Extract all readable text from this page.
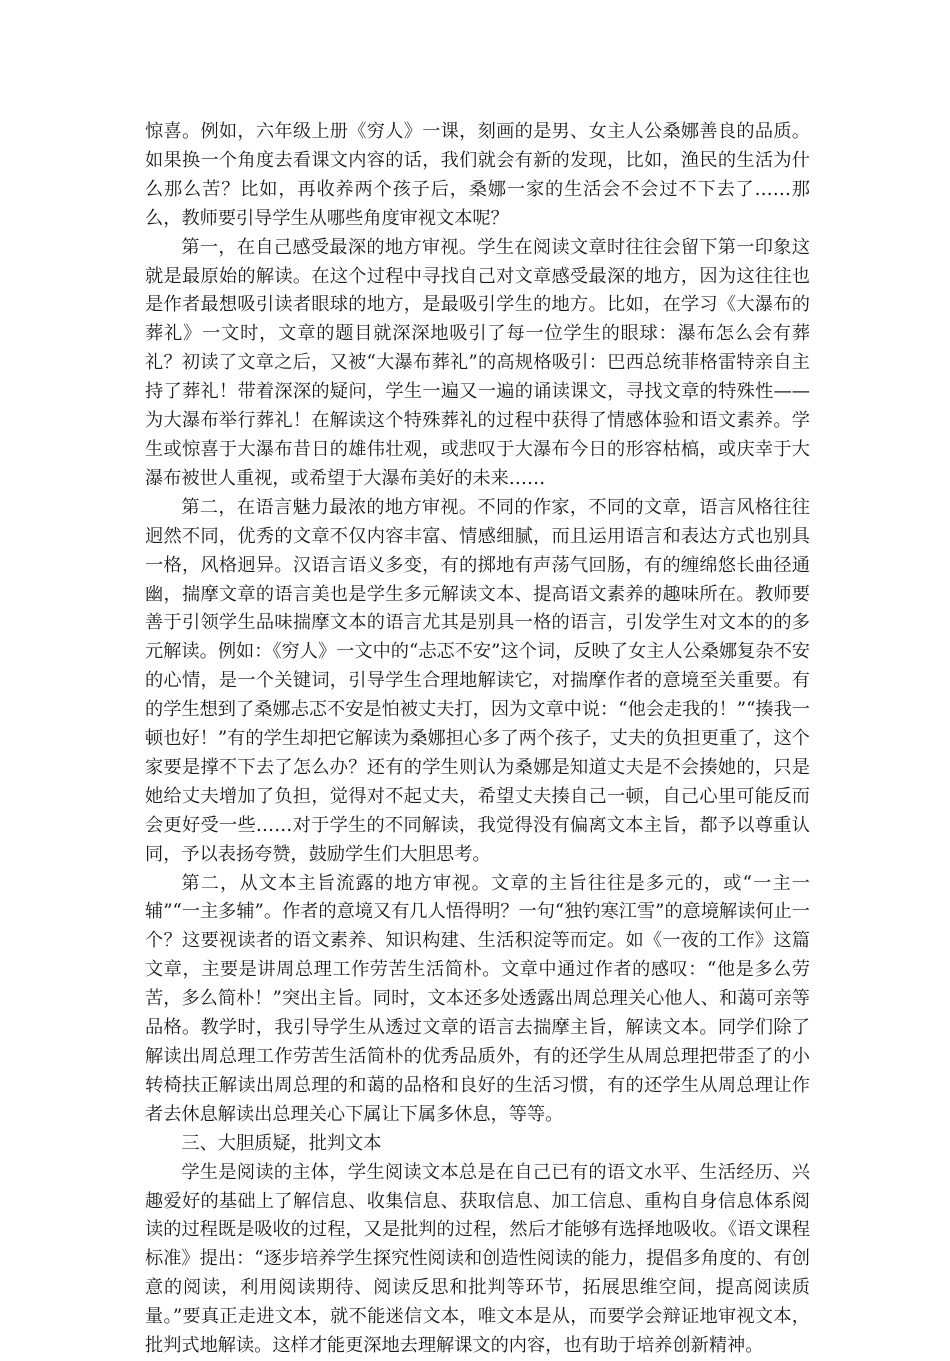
惊喜。例如，六年级上册《穷人》一课，刻画的是男、女主人公桑娜善良的品质。如果换一个角度去看课文内容的话，我们就会有新的发现，比如，渔民的生活为什么那么苦？比如，再收养两个孩子后，桑娜一家的生活会不会过不下去了……那么，教师要引导学生从哪些角度审视文本呢？

第一，在自己感受最深的地方审视。学生在阅读文章时往往会留下第一印象这就是最原始的解读。在这个过程中寻找自己对文章感受最深的地方，因为这往往也是作者最想吸引读者眼球的地方，是最吸引学生的地方。比如，在学习《大瀑布的葬礼》一文时，文章的题目就深深地吸引了每一位学生的眼球：瀑布怎么会有葬礼？初读了文章之后，又被“大瀑布葬礼”的高规格吸引：巴西总统菲格雷特亲自主持了葬礼！带着深深的疑问，学生一遍又一遍的诵读课文，寻找文章的特殊性——为大瀑布举行葬礼！在解读这个特殊葬礼的过程中获得了情感体验和语文素养。学生或惊喜于大瀑布昔日的雄伟壮观，或悲叹于大瀑布今日的形容枯槁，或庆幸于大瀑布被世人重视，或希望于大瀑布美好的未来……

第二，在语言魅力最浓的地方审视。不同的作家，不同的文章，语言风格往往迥然不同，优秀的文章不仅内容丰富、情感细腻，而且运用语言和表达方式也别具一格，风格迥异。汉语言语义多变，有的掷地有声荡气回肠，有的缠绵悠长曲径通幽，揣摩文章的语言美也是学生多元解读文本、提高语文素养的趣味所在。教师要善于引领学生品味揣摩文本的语言尤其是别具一格的语言，引发学生对文本的的多元解读。例如：《穷人》一文中的“忐忑不安”这个词，反映了女主人公桑娜复杂不安的心情，是一个关键词，引导学生合理地解读它，对揣摩作者的意境至关重要。有的学生想到了桑娜忐忑不安是怕被丈夫打，因为文章中说：“他会走我的！”“揍我一顿也好！”有的学生却把它解读为桑娜担心多了两个孩子，丈夫的负担更重了，这个家要是撑不下去了怎么办？还有的学生则认为桑娜是知道丈夫是不会揍她的，只是她给丈夫增加了负担，觉得对不起丈夫，希望丈夫揍自己一顿，自己心里可能反而会更好受一些……对于学生的不同解读，我觉得没有偏离文本主旨，都予以尊重认同，予以表扬夸赞，鼓励学生们大胆思考。

第二，从文本主旨流露的地方审视。文章的主旨往往是多元的，或“一主一辅”“一主多辅”。作者的意境又有几人悟得明？一句“独钓寒江雪”的意境解读何止一个？这要视读者的语文素养、知识构建、生活积淀等而定。如《一夜的工作》这篇文章，主要是讲周总理工作劳苦生活简朴。文章中通过作者的感叹：“他是多么劳苦，多么简朴！”突出主旨。同时，文本还多处透露出周总理关心他人、和蔼可亲等品格。教学时，我引导学生从透过文章的语言去揣摩主旨，解读文本。同学们除了解读出周总理工作劳苦生活简朴的优秀品质外，有的还学生从周总理把带歪了的小转椅扶正解读出周总理的和蔼的品格和良好的生活习惯，有的还学生从周总理让作者去休息解读出总理关心下属让下属多休息，等等。

三、大胆质疑，批判文本

学生是阅读的主体，学生阅读文本总是在自己已有的语文水平、生活经历、兴趣爱好的基础上了解信息、收集信息、获取信息、加工信息、重构自身信息体系阅读的过程既是吸收的过程，又是批判的过程，然后才能够有选择地吸收。《语文课程标准》提出：“逐步培养学生探究性阅读和创造性阅读的能力，提倡多角度的、有创意的阅读，利用阅读期待、阅读反思和批判等环节，拓展思维空间，提高阅读质量。”要真正走进文本，就不能迷信文本，唯文本是从，而要学会辩证地审视文本，批判式地解读。这样才能更深地去理解课文的内容，也有助于培养创新精神。
